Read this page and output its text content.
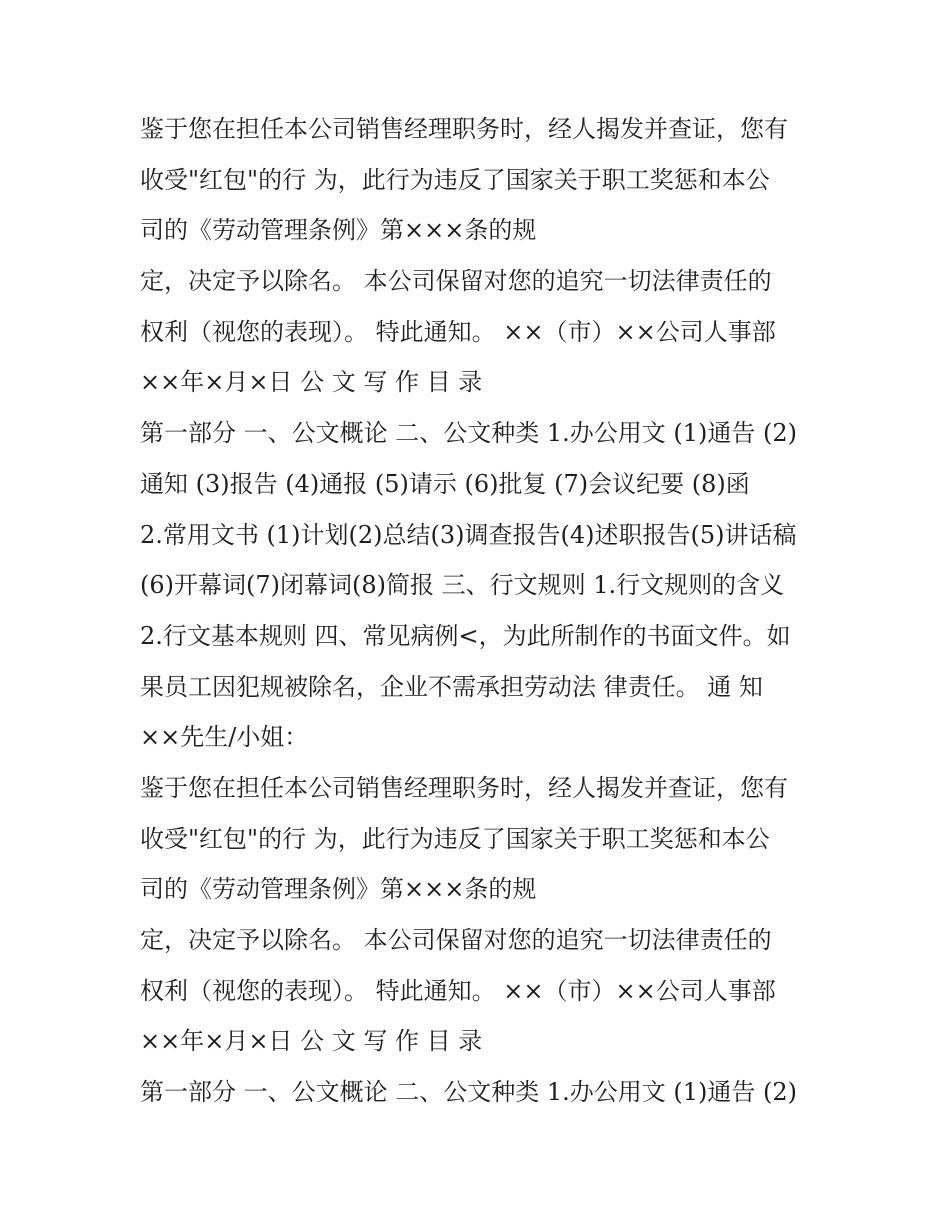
鉴于您在担任本公司销售经理职务时，经人揭发并查证，您有
收受"红包"的行 为，此行为违反了国家关于职工奖惩和本公
司的《劳动管理条例》第×××条的规
定，决定予以除名。 本公司保留对您的追究一切法律责任的
权利（视您的表现）。 特此通知。 ××（市）××公司人事部
××年×月×日 公 文 写 作 目 录
第一部分 一、公文概论 二、公文种类 1.办公用文 (1)通告 (2)
通知 (3)报告 (4)通报 (5)请示 (6)批复 (7)会议纪要 (8)函
2.常用文书 (1)计划(2)总结(3)调查报告(4)述职报告(5)讲话稿
(6)开幕词(7)闭幕词(8)简报 三、行文规则 1.行文规则的含义
2.行文基本规则 四、常见病例<，为此所制作的书面文件。如
果员工因犯规被除名，企业不需承担劳动法 律责任。 通 知
××先生/小姐：
鉴于您在担任本公司销售经理职务时，经人揭发并查证，您有
收受"红包"的行 为，此行为违反了国家关于职工奖惩和本公
司的《劳动管理条例》第×××条的规
定，决定予以除名。 本公司保留对您的追究一切法律责任的
权利（视您的表现）。 特此通知。 ××（市）××公司人事部
××年×月×日 公 文 写 作 目 录
第一部分 一、公文概论 二、公文种类 1.办公用文 (1)通告 (2)
